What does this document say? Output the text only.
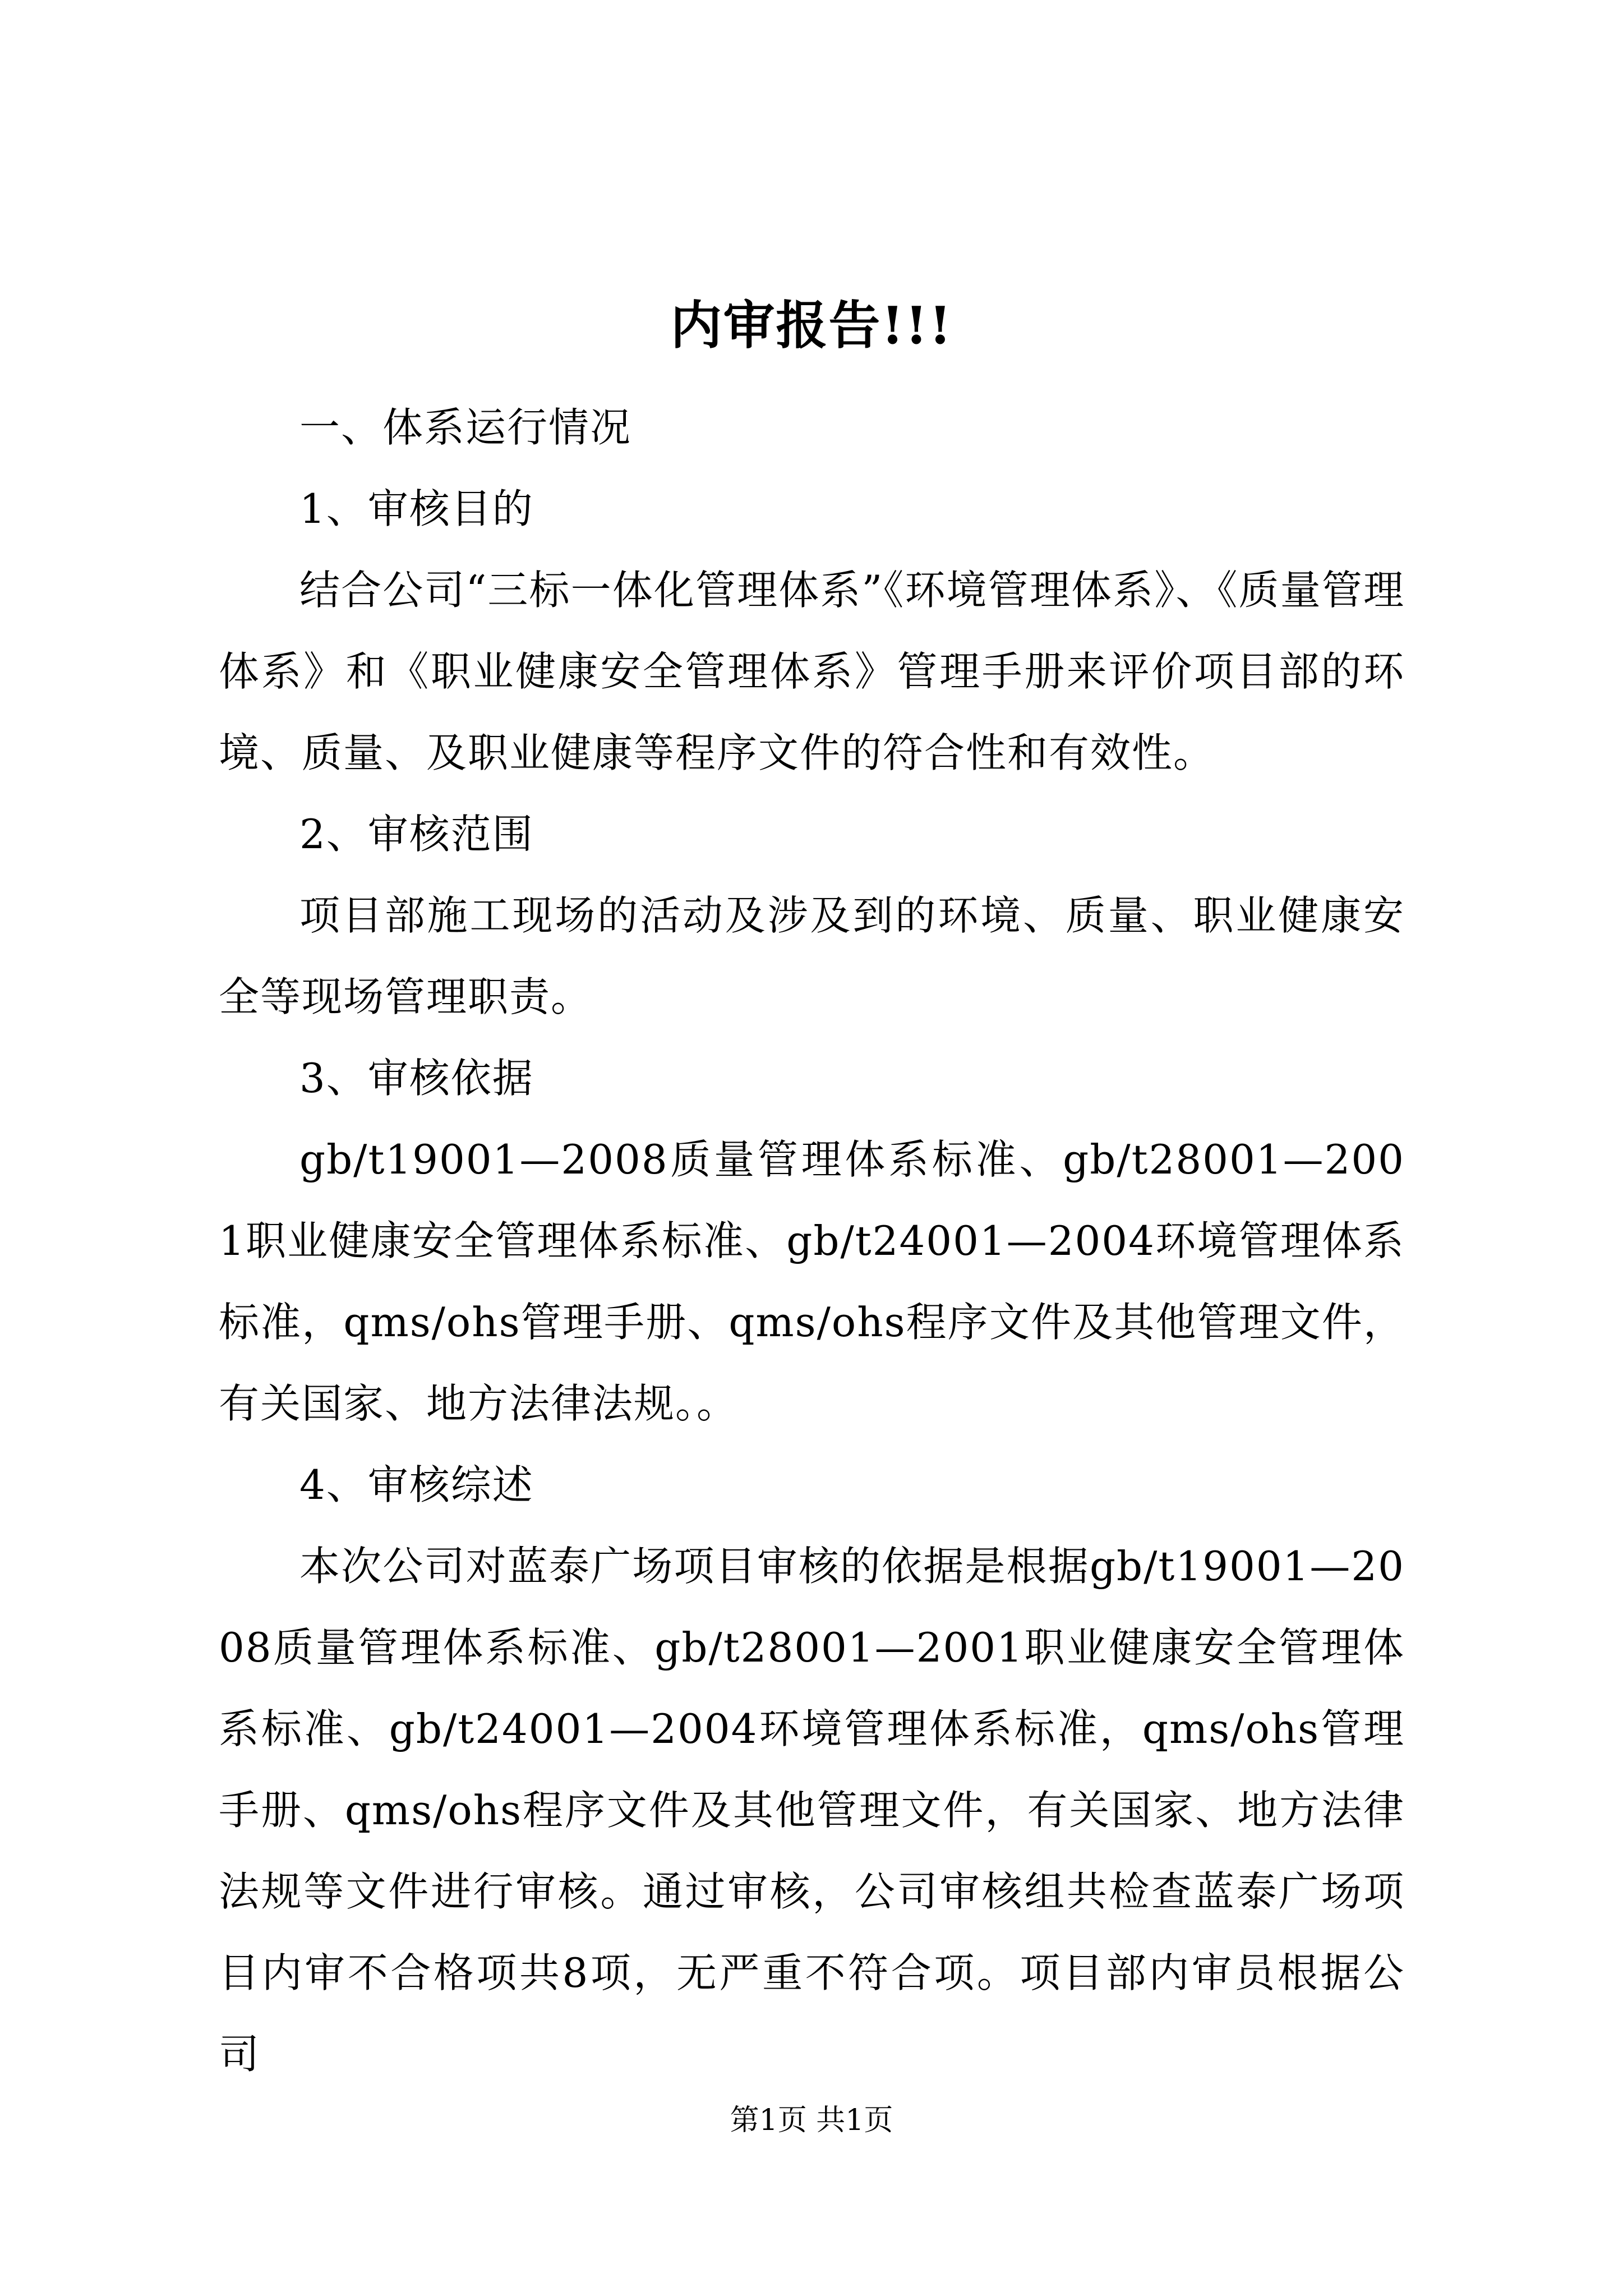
内审报告!!!

一、体系运行情况

1、审核目的

结合公司“三标一体化管理体系”《环境管理体系》、《质量管理体系》和《职业健康安全管理体系》管理手册来评价项目部的环境、质量、及职业健康等程序文件的符合性和有效性。

2、审核范围

项目部施工现场的活动及涉及到的环境、质量、职业健康安全等现场管理职责。

3、审核依据

gb/t19001—2008质量管理体系标准、gb/t28001—2001职业健康安全管理体系标准、gb/t24001—2004环境管理体系标准，qms/ohs管理手册、qms/ohs程序文件及其他管理文件，有关国家、地方法律法规。。

4、审核综述

本次公司对蓝泰广场项目审核的依据是根据gb/t19001—2008质量管理体系标准、gb/t28001—2001职业健康安全管理体系标准、gb/t24001—2004环境管理体系标准，qms/ohs管理手册、qms/ohs程序文件及其他管理文件，有关国家、地方法律法规等文件进行审核。通过审核，公司审核组共检查蓝泰广场项目内审不合格项共8项，无严重不符合项。项目部内审员根据公司

第1页 共1页
